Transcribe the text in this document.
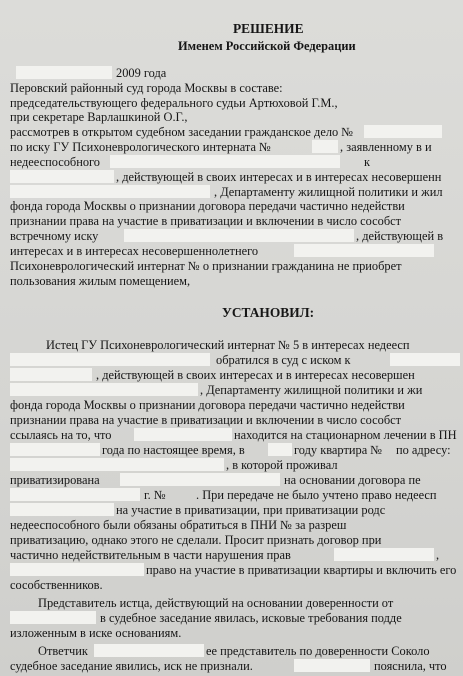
РЕШЕНИЕ
Именем Российской Федерации
2009 года
Перовский районный суд города Москвы в составе:
председательствующего федерального судьи Артюховой Г.М.,
при секретаре Варлашкиной О.Г.,
рассмотрев в открытом судебном заседании гражданское дело №
по иску ГУ Психоневрологического интерната №	, заявленному в и
недееспособного	к
, действующей в своих интересах и в интересах несовершенн
, Департаменту жилищной политики и жил
фонда города Москвы о признании договора передачи частично недействи
признании права на участие в приватизации и включении в число сособст
встречному иску	, действующей в
интересах и в интересах несовершеннолетнего
Психоневрологический интернат № о признании гражданина не приобрет
пользования жилым помещением,
УСТАНОВИЛ:
Истец ГУ Психоневрологический интернат № 5 в интересах недеесп
обратился в суд с иском к
, действующей в своих интересах и в интересах несовершен
, Департаменту жилищной политики и жи
фонда города Москвы о признании договора передачи частично недействи
признании права на участие в приватизации и включении в число сособст
ссылаясь на то, что	находится на стационарном лечении в ПН
года по настоящее время, в	году квартира № по адресу:
, в которой проживал
приватизирована	на основании договора пе
г. № . При передаче не было учтено право недеесп
на участие в приватизации, при приватизации родс
недееспособного были обязаны обратиться в ПНИ № за разреш
приватизацию, однако этого не сделали. Просит признать договор при
частично недействительным в части нарушения прав	,
право на участие в приватизации квартиры и включить его
сособственников.
Представитель истца, действующий на основании доверенности от
в судебное заседание явилась, исковые требования подде
изложенным в иске основаниям.
Ответчик	ее представитель по доверенности Соколо
судебное заседание явились, иск не признали.	пояснила, что
